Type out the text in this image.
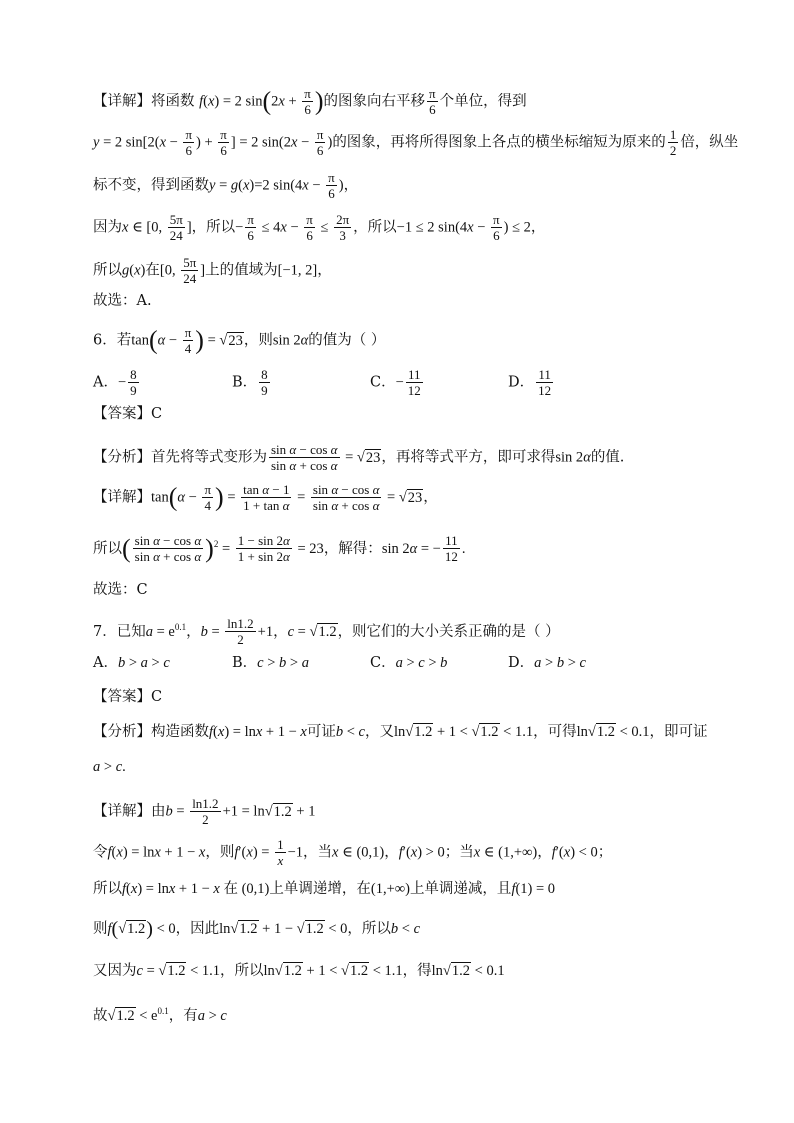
【详解】将函数 f(x) = 2 $\sin(2x + \frac{\pi}{6}$ )的图象向右平移 $\frac{\pi}{6}$ 个单位，得到
y = 2 $\sin[2(x - \frac{\pi}{6}$ ) + $\frac{\pi}{6}$ ] = 2 $\sin(2x - \frac{\pi}{6}$ )的图象，再将所得图象上各点的横坐标缩短为原来的 $\frac{1}{2}$ 倍，纵坐
标不变，得到函数y = g(x)=2 $\sin(4x - \frac{\pi}{6}$ )，
因为x ∈ [0, $\frac{5\pi}{24}$ ]，所以− $\frac{\pi}{6} \le 4x - \frac{\pi}{6} \le \frac{2\pi}{3}$ ，所以−1 ≤ 2 $\sin(4x - \frac{\pi}{6}$ ) ≤ 2，
所以g(x)在[0, $\frac{5\pi}{24}$ ]上的值域为[−1, 2]，
故选：A.
6．若$\tan(\alpha - \frac{\pi}{4}$ ) = √23，则sin 2α的值为（ ）
A．− $\frac{8}{9}$	B． $\frac{8}{9}$	C．− $\frac{11}{12}$	D． $\frac{11}{12}$
【答案】C
【分析】首先将等式变形为 $\frac{\text{sin α − cos α}}{\text{sin α + cos α}} = √23$，再将等式平方，即可求得sin 2α的值.
【详解】$\tan(\alpha - \frac{\pi}{4}$ ) = $\frac{\text{tan α − 1}}{\text{1 + tan α}} = \frac{\text{sin α − cos α}}{\text{sin α + cos α}} = √23$，
所以( $\frac{\text{sin α − cos α}}{\text{sin α + cos α}} )^2 = \frac{1 - \sin 2\alpha}{1 + \sin 2\alpha} = 23$，解得：sin 2α = − $\frac{11}{12}$ .
故选：C
7．已知$a = e^{0.1}$，$b = \frac{\ln 1.2}{2} +1$，c = √1.2，则它们的大小关系正确的是（ ）
A．b > a > c	B．c > b > a	C．a > c > b	D．a > b > c
【答案】C
【分析】构造函数f(x) = lnx + 1 − x可证b < c，又ln√1.2 + 1 < √1.2 < 1.1，可得ln√1.2 < 0.1，即可证
a > c.
【详解】由$b = \frac{\ln 1.2}{2} +1 = \ln√1.2 + 1$
令f(x) = lnx + 1 − x，则$f'(x) = \frac{1}{x} -1$，当x ∈ (0,1)，f′(x) > 0；当x ∈ (1,+∞)，f′(x) < 0；
所以f(x) = lnx + 1 − x 在 (0,1)上单调递增，在(1,+∞)上单调递减，且f(1) = 0
则f(√1.2) < 0，因此ln√1.2 + 1 − √1.2 < 0，所以b < c
又因为c = √1.2 < 1.1，所以ln√1.2 + 1 < √1.2 < 1.1，得ln√1.2 < 0.1
故$√1.2 < e^{0.1}$，有a > c
